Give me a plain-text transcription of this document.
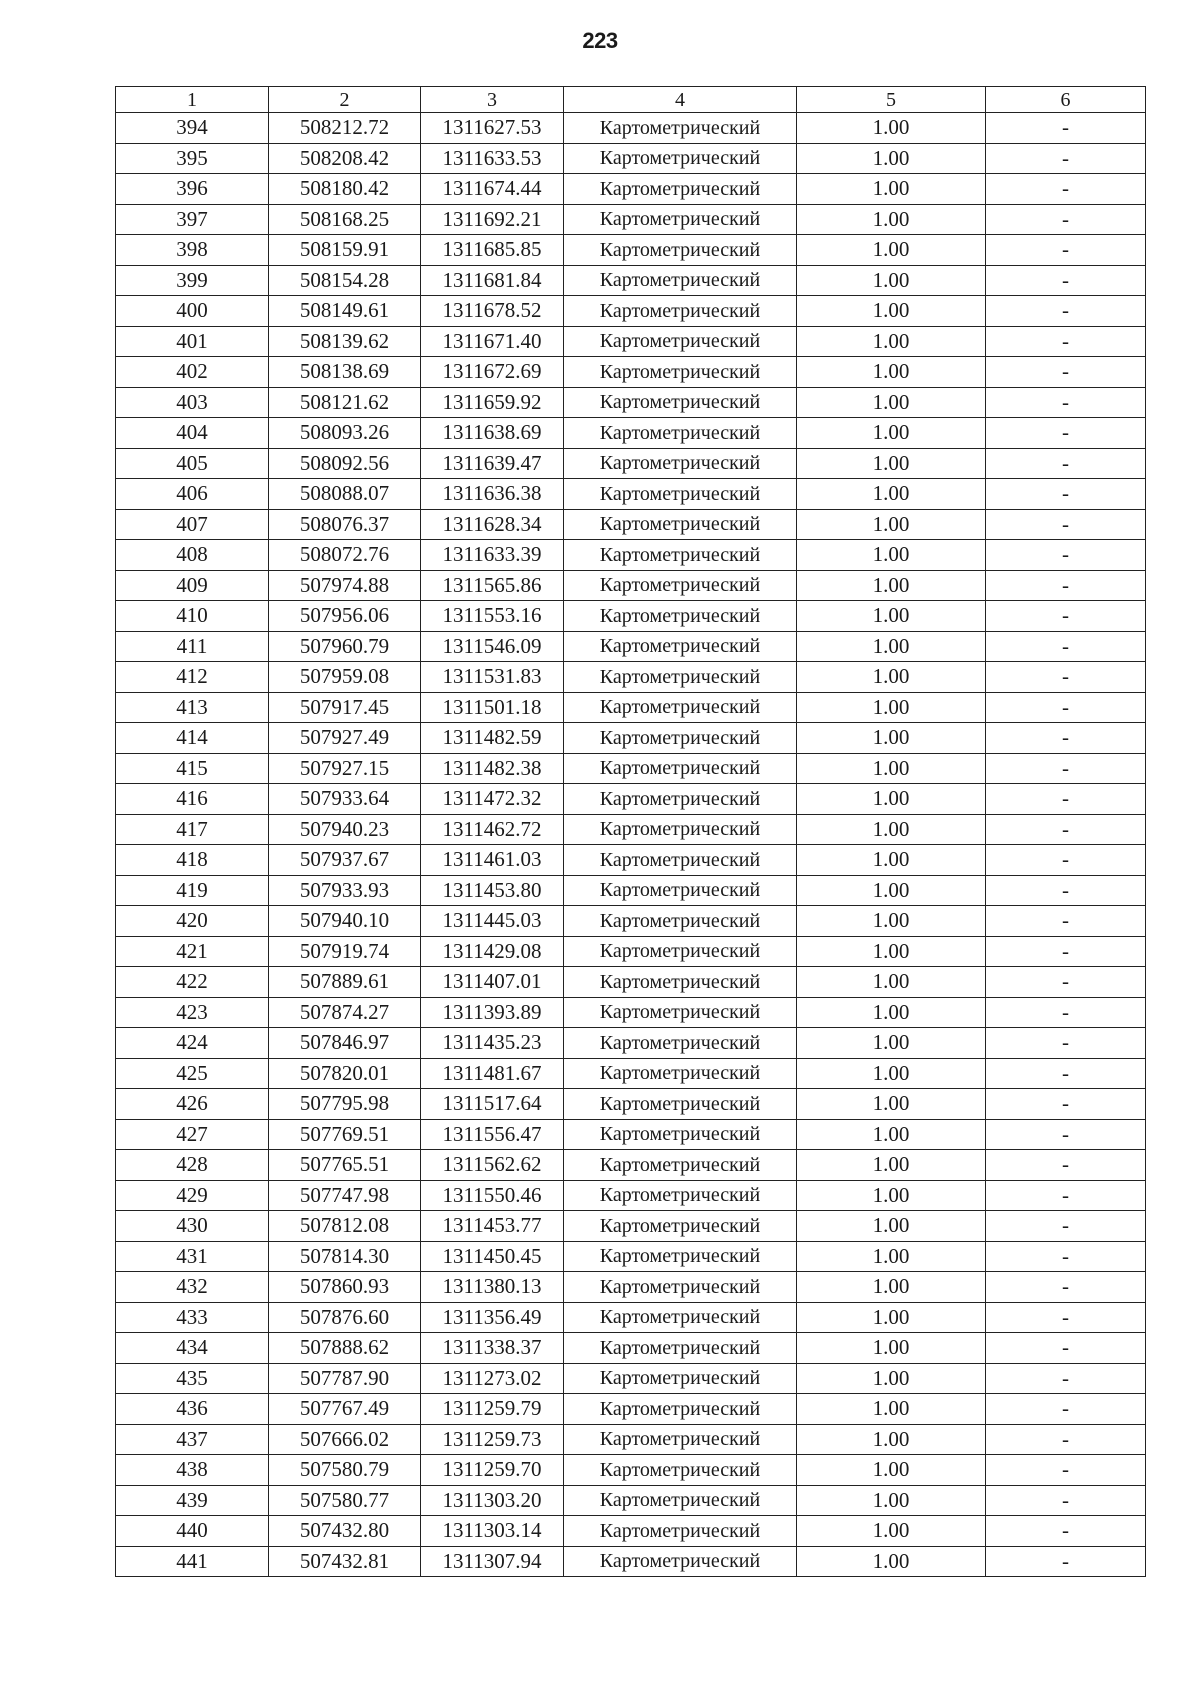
223
1	2	3	4	5	6
394	508212.72	1311627.53	Картометрический	1.00	-
395	508208.42	1311633.53	Картометрический	1.00	-
396	508180.42	1311674.44	Картометрический	1.00	-
397	508168.25	1311692.21	Картометрический	1.00	-
398	508159.91	1311685.85	Картометрический	1.00	-
399	508154.28	1311681.84	Картометрический	1.00	-
400	508149.61	1311678.52	Картометрический	1.00	-
401	508139.62	1311671.40	Картометрический	1.00	-
402	508138.69	1311672.69	Картометрический	1.00	-
403	508121.62	1311659.92	Картометрический	1.00	-
404	508093.26	1311638.69	Картометрический	1.00	-
405	508092.56	1311639.47	Картометрический	1.00	-
406	508088.07	1311636.38	Картометрический	1.00	-
407	508076.37	1311628.34	Картометрический	1.00	-
408	508072.76	1311633.39	Картометрический	1.00	-
409	507974.88	1311565.86	Картометрический	1.00	-
410	507956.06	1311553.16	Картометрический	1.00	-
411	507960.79	1311546.09	Картометрический	1.00	-
412	507959.08	1311531.83	Картометрический	1.00	-
413	507917.45	1311501.18	Картометрический	1.00	-
414	507927.49	1311482.59	Картометрический	1.00	-
415	507927.15	1311482.38	Картометрический	1.00	-
416	507933.64	1311472.32	Картометрический	1.00	-
417	507940.23	1311462.72	Картометрический	1.00	-
418	507937.67	1311461.03	Картометрический	1.00	-
419	507933.93	1311453.80	Картометрический	1.00	-
420	507940.10	1311445.03	Картометрический	1.00	-
421	507919.74	1311429.08	Картометрический	1.00	-
422	507889.61	1311407.01	Картометрический	1.00	-
423	507874.27	1311393.89	Картометрический	1.00	-
424	507846.97	1311435.23	Картометрический	1.00	-
425	507820.01	1311481.67	Картометрический	1.00	-
426	507795.98	1311517.64	Картометрический	1.00	-
427	507769.51	1311556.47	Картометрический	1.00	-
428	507765.51	1311562.62	Картометрический	1.00	-
429	507747.98	1311550.46	Картометрический	1.00	-
430	507812.08	1311453.77	Картометрический	1.00	-
431	507814.30	1311450.45	Картометрический	1.00	-
432	507860.93	1311380.13	Картометрический	1.00	-
433	507876.60	1311356.49	Картометрический	1.00	-
434	507888.62	1311338.37	Картометрический	1.00	-
435	507787.90	1311273.02	Картометрический	1.00	-
436	507767.49	1311259.79	Картометрический	1.00	-
437	507666.02	1311259.73	Картометрический	1.00	-
438	507580.79	1311259.70	Картометрический	1.00	-
439	507580.77	1311303.20	Картометрический	1.00	-
440	507432.80	1311303.14	Картометрический	1.00	-
441	507432.81	1311307.94	Картометрический	1.00	-
